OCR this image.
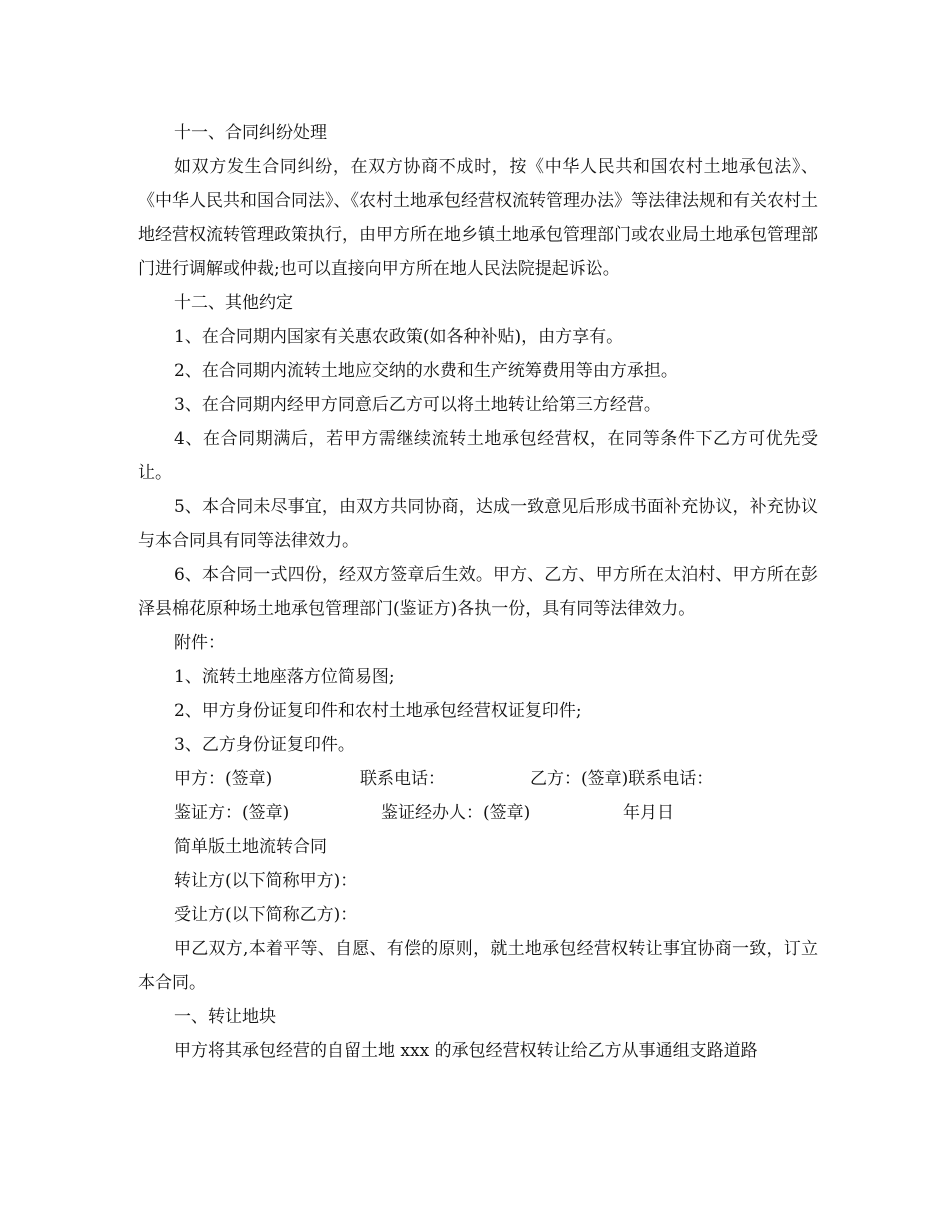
十一、合同纠纷处理

如双方发生合同纠纷，在双方协商不成时，按《中华人民共和国农村土地承包法》、《中华人民共和国合同法》、《农村土地承包经营权流转管理办法》等法律法规和有关农村土地经营权流转管理政策执行，由甲方所在地乡镇土地承包管理部门或农业局土地承包管理部门进行调解或仲裁;也可以直接向甲方所在地人民法院提起诉讼。

十二、其他约定

1、在合同期内国家有关惠农政策(如各种补贴)，由方享有。

2、在合同期内流转土地应交纳的水费和生产统筹费用等由方承担。

3、在合同期内经甲方同意后乙方可以将土地转让给第三方经营。

4、在合同期满后，若甲方需继续流转土地承包经营权，在同等条件下乙方可优先受让。

5、本合同未尽事宜，由双方共同协商，达成一致意见后形成书面补充协议，补充协议与本合同具有同等法律效力。

6、本合同一式四份，经双方签章后生效。甲方、乙方、甲方所在太泊村、甲方所在彭泽县棉花原种场土地承包管理部门(鉴证方)各执一份，具有同等法律效力。

附件：

1、流转土地座落方位简易图;

2、甲方身份证复印件和农村土地承包经营权证复印件;

3、乙方身份证复印件。

甲方：(签章)	联系电话：	乙方：(签章)联系电话：
鉴证方：(签章)	鉴证经办人：(签章)	年月日

简单版土地流转合同

转让方(以下简称甲方)：

受让方(以下简称乙方)：

甲乙双方,本着平等、自愿、有偿的原则，就土地承包经营权转让事宜协商一致，订立本合同。

一、转让地块

甲方将其承包经营的自留土地 xxx 的承包经营权转让给乙方从事通组支路道路
